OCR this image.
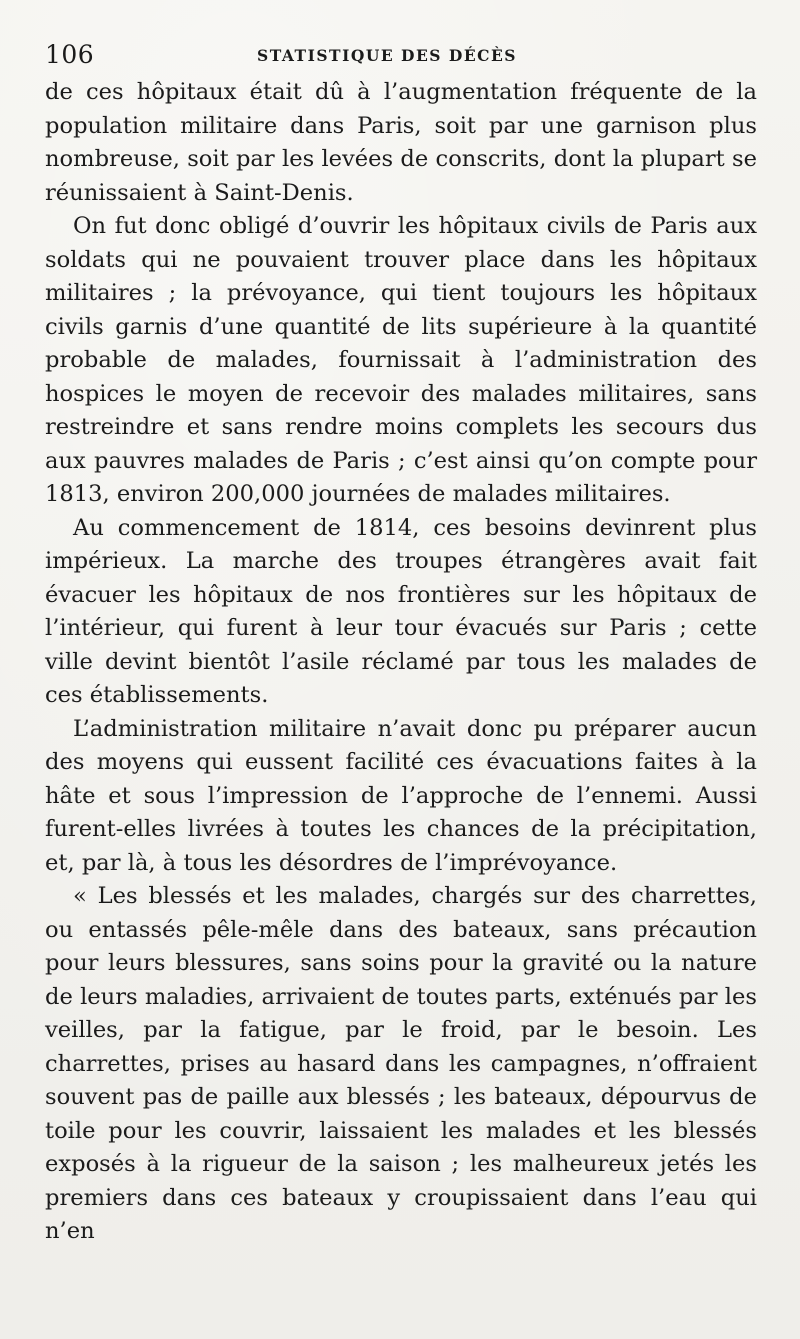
106	STATISTIQUE DES DÉCÈS

de ces hôpitaux était dû à l’augmentation fréquente de la population militaire dans Paris, soit par une garnison plus nombreuse, soit par les levées de conscrits, dont la plupart se réunissaient à Saint-Denis.

On fut donc obligé d’ouvrir les hôpitaux civils de Paris aux soldats qui ne pouvaient trouver place dans les hôpitaux militaires ; la prévoyance, qui tient toujours les hôpitaux civils garnis d’une quantité de lits supérieure à la quantité probable de malades, fournissait à l’administration des hospices le moyen de recevoir des malades militaires, sans restreindre et sans rendre moins complets les secours dus aux pauvres malades de Paris ; c’est ainsi qu’on compte pour 1813, environ 200,000 journées de malades militaires.

Au commencement de 1814, ces besoins devinrent plus impérieux. La marche des troupes étrangères avait fait évacuer les hôpitaux de nos frontières sur les hôpitaux de l’intérieur, qui furent à leur tour évacués sur Paris ; cette ville devint bientôt l’asile réclamé par tous les malades de ces établissements.

L’administration militaire n’avait donc pu préparer aucun des moyens qui eussent facilité ces évacuations faites à la hâte et sous l’impression de l’approche de l’ennemi. Aussi furent-elles livrées à toutes les chances de la précipitation, et, par là, à tous les désordres de l’imprévoyance.

« Les blessés et les malades, chargés sur des charrettes, ou entassés pêle-mêle dans des bateaux, sans précaution pour leurs blessures, sans soins pour la gravité ou la nature de leurs maladies, arrivaient de toutes parts, exténués par les veilles, par la fatigue, par le froid, par le besoin. Les charrettes, prises au hasard dans les campagnes, n’offraient souvent pas de paille aux blessés ; les bateaux, dépourvus de toile pour les couvrir, laissaient les malades et les blessés exposés à la rigueur de la saison ; les malheureux jetés les premiers dans ces bateaux y croupissaient dans l’eau qui n’en
